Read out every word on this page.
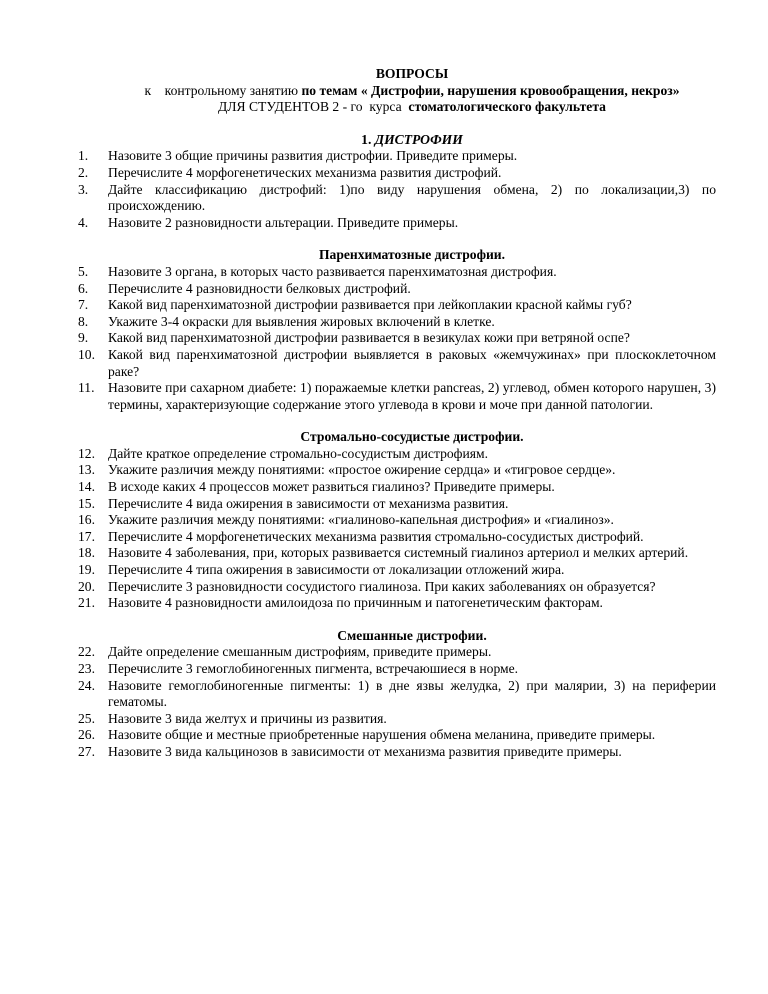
ВОПРОСЫ

к    контрольному занятию по темам « Дистрофии, нарушения кровообращения, некроз»

ДЛЯ СТУДЕНТОВ 2 - го  курса  стоматологического факультета

1. ДИСТРОФИИ

1.	Назовите 3 общие причины развития дистрофии. Приведите примеры.
2.	Перечислите 4 морфогенетических механизма развития дистрофий.
3.	Дайте классификацию дистрофий: 1)по виду нарушения обмена, 2) по локализации,3) по происхождению.
4.	Назовите 2 разновидности альтерации. Приведите примеры.

Паренхиматозные дистрофии.

5.	Назовите 3 органа, в которых часто развивается паренхиматозная дистрофия.
6.	Перечислите 4 разновидности белковых дистрофий.
7.	Какой вид паренхиматозной дистрофии развивается при лейкоплакии красной каймы губ?
8.	Укажите 3-4 окраски для выявления жировых включений в клетке.
9.	Какой вид паренхиматозной дистрофии развивается в везикулах кожи при ветряной оспе?
10. Какой вид паренхиматозной дистрофии выявляется в раковых «жемчужинах» при плоскоклеточном раке?
11. Назовите при сахарном диабете: 1) поражаемые клетки pancreas, 2) углевод, обмен которого нарушен, 3) термины, характеризующие содержание этого углевода в крови и моче при данной патологии.

Стромально-сосудистые дистрофии.

12. Дайте краткое определение стромально-сосудистым дистрофиям.
13. Укажите различия между понятиями: «простое ожирение сердца» и «тигровое сердце».
14. В исходе каких 4 процессов может развиться гиалиноз? Приведите примеры.
15. Перечислите 4 вида ожирения в зависимости от механизма развития.
16. Укажите различия между понятиями: «гиалиново-капельная дистрофия» и «гиалиноз».
17. Перечислите 4 морфогенетических механизма развития стромально-сосудистых дистрофий.
18. Назовите 4 заболевания, при, которых развивается системный гиалиноз артериол и мелких артерий.
19. Перечислите 4 типа ожирения в зависимости от локализации отложений жира.
20. Перечислите 3 разновидности сосудистого гиалиноза. При каких заболеваниях он образуется?
21. Назовите 4 разновидности амилоидоза по причинным и патогенетическим факторам.

Смешанные дистрофии.

22. Дайте определение смешанным дистрофиям, приведите примеры.
23. Перечислите 3 гемоглобиногенных пигмента, встречаюшиеся в норме.
24. Назовите гемоглобиногенные пигменты: 1) в дне язвы желудка, 2) при малярии, 3) на периферии гематомы.
25. Назовите 3 вида желтух и причины из развития.
26. Назовите общие и местные приобретенные нарушения обмена меланина, приведите примеры.
27. Назовите 3 вида кальцинозов в зависимости от механизма развития приведите примеры.
